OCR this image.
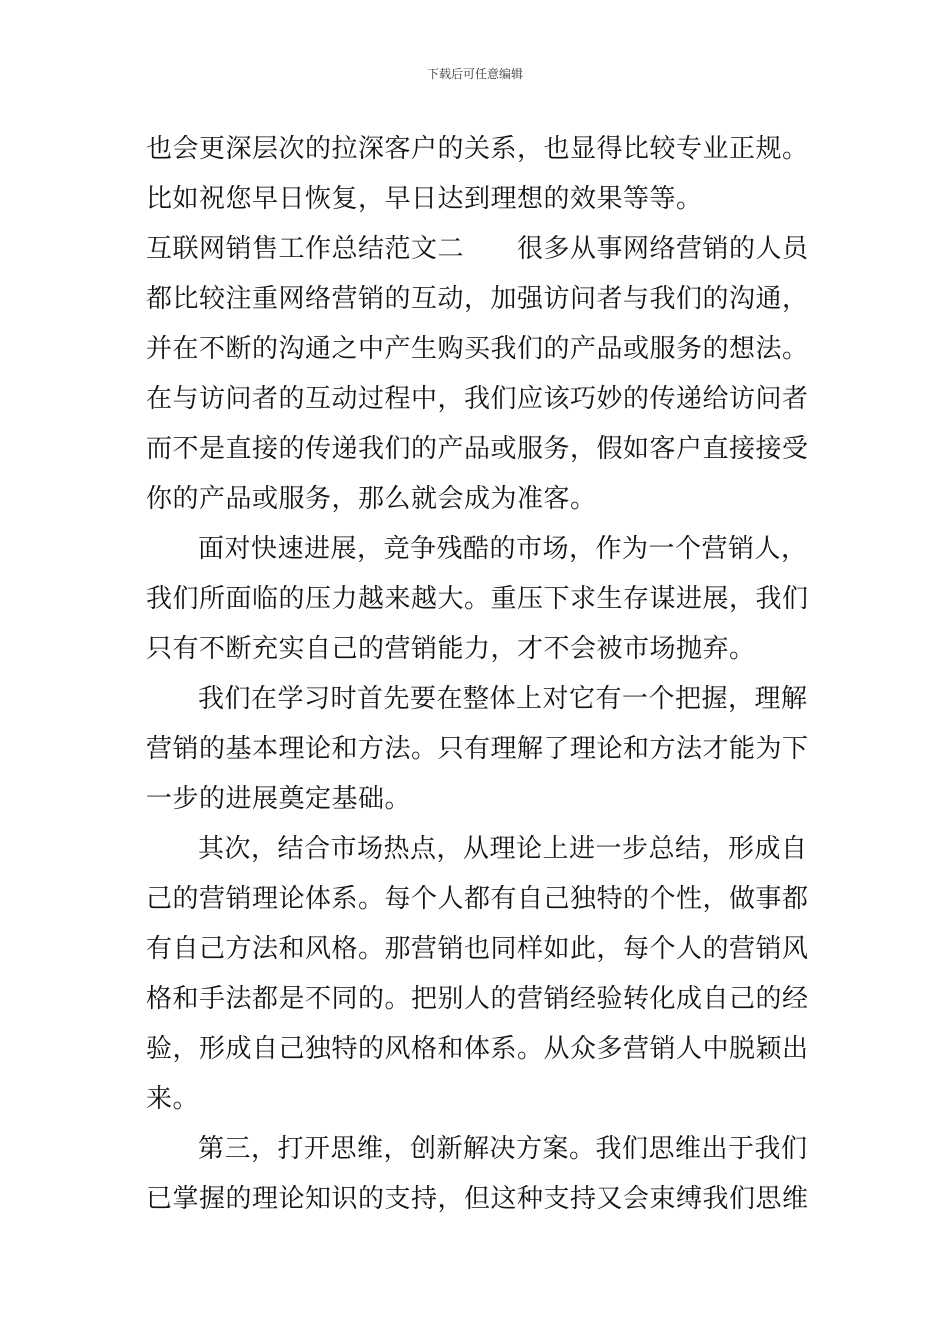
下载后可任意编辑
也会更深层次的拉深客户的关系，也显得比较专业正规。
比如祝您早日恢复，早日达到理想的效果等等。
互联网销售工作总结范文二　　很多从事网络营销的人员
都比较注重网络营销的互动，加强访问者与我们的沟通，
并在不断的沟通之中产生购买我们的产品或服务的想法。
在与访问者的互动过程中，我们应该巧妙的传递给访问者
而不是直接的传递我们的产品或服务，假如客户直接接受
你的产品或服务，那么就会成为准客。
面对快速进展，竞争残酷的市场，作为一个营销人，
我们所面临的压力越来越大。重压下求生存谋进展，我们
只有不断充实自己的营销能力，才不会被市场抛弃。
我们在学习时首先要在整体上对它有一个把握，理解
营销的基本理论和方法。只有理解了理论和方法才能为下
一步的进展奠定基础。
其次，结合市场热点，从理论上进一步总结，形成自
己的营销理论体系。每个人都有自己独特的个性，做事都
有自己方法和风格。那营销也同样如此，每个人的营销风
格和手法都是不同的。把别人的营销经验转化成自己的经
验，形成自己独特的风格和体系。从众多营销人中脱颖出
来。
第三，打开思维，创新解决方案。我们思维出于我们
已掌握的理论知识的支持，但这种支持又会束缚我们思维
